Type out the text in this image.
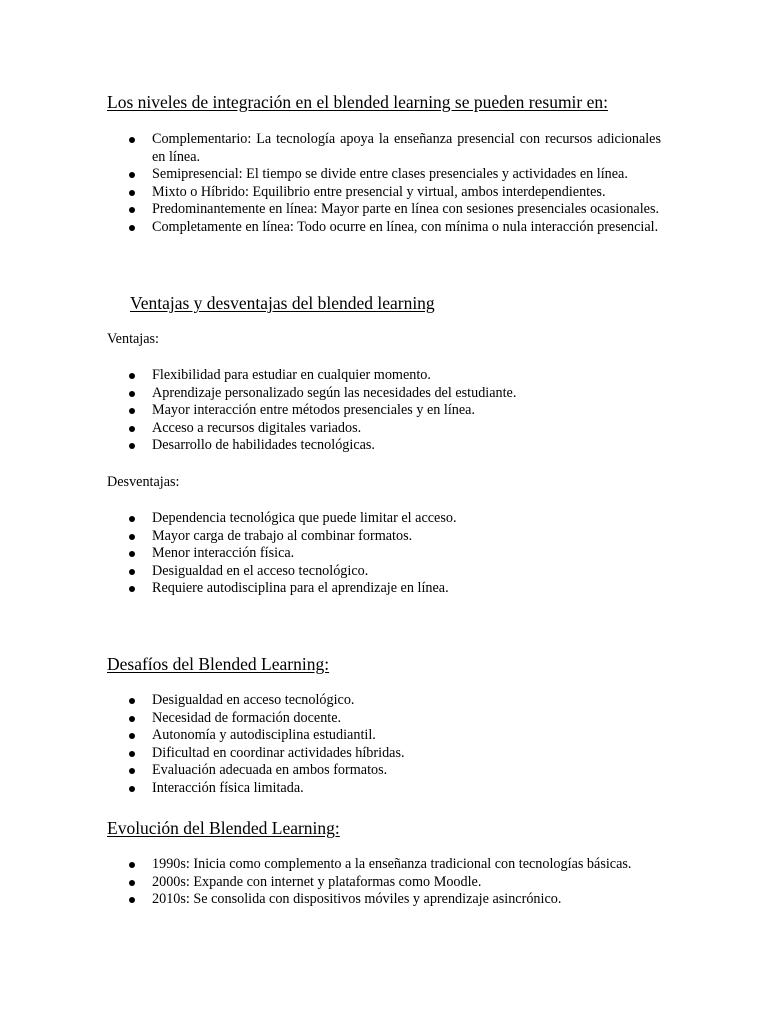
Los niveles de integración en el blended learning se pueden resumir en:
Complementario: La tecnología apoya la enseñanza presencial con recursos adicionales en línea.
Semipresencial: El tiempo se divide entre clases presenciales y actividades en línea.
Mixto o Híbrido: Equilibrio entre presencial y virtual, ambos interdependientes.
Predominantemente en línea: Mayor parte en línea con sesiones presenciales ocasionales.
Completamente en línea: Todo ocurre en línea, con mínima o nula interacción presencial.
Ventajas y desventajas del blended learning

Ventajas:

Flexibilidad para estudiar en cualquier momento.
Aprendizaje personalizado según las necesidades del estudiante.
Mayor interacción entre métodos presenciales y en línea.
Acceso a recursos digitales variados.
Desarrollo de habilidades tecnológicas.

Desventajas:

Dependencia tecnológica que puede limitar el acceso.
Mayor carga de trabajo al combinar formatos.
Menor interacción física.
Desigualdad en el acceso tecnológico.
Requiere autodisciplina para el aprendizaje en línea.
Desafíos del Blended Learning:
Desigualdad en acceso tecnológico.
Necesidad de formación docente.
Autonomía y autodisciplina estudiantil.
Dificultad en coordinar actividades híbridas.
Evaluación adecuada en ambos formatos.
Interacción física limitada.
Evolución del Blended Learning:
1990s: Inicia como complemento a la enseñanza tradicional con tecnologías básicas.
2000s: Expande con internet y plataformas como Moodle.
2010s: Se consolida con dispositivos móviles y aprendizaje asincrónico.
